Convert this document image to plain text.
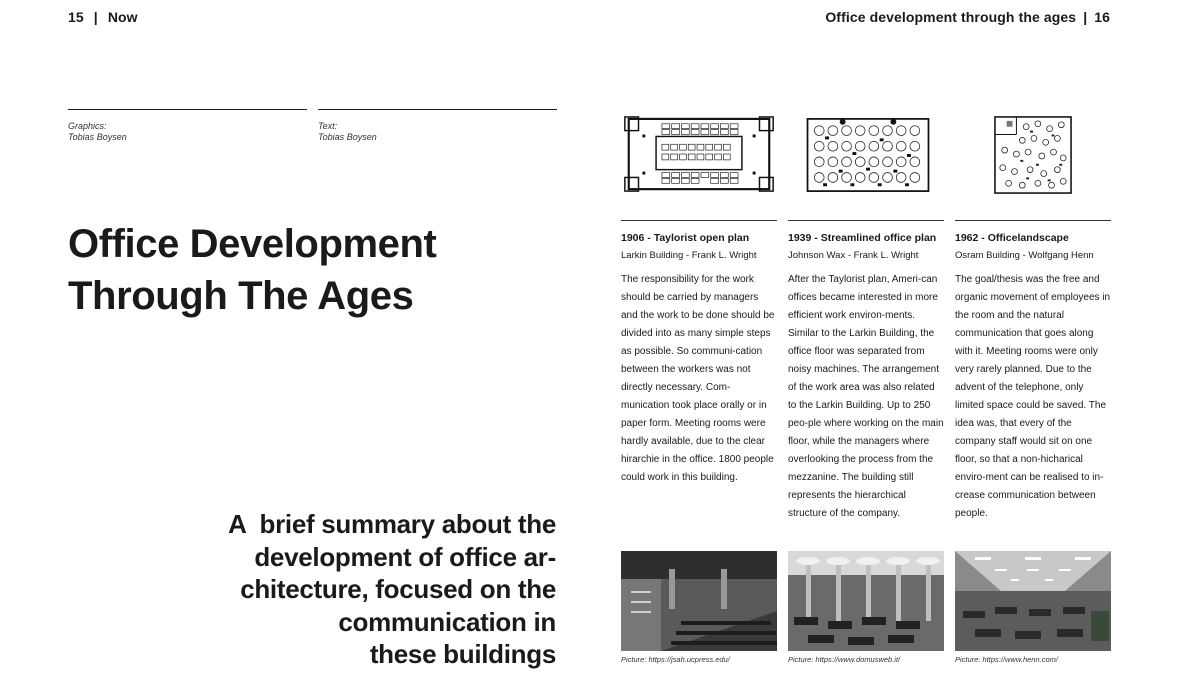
15 | Now	Office development through the ages | 16
Graphics:
Tobias Boysen
Text:
Tobias Boysen
Office Development
Through The Ages
A  brief summary about the
development of office ar-
chitecture, focused on the
communication in
these buildings
1906 - Taylorist open plan
Larkin Building - Frank L. Wright
The responsibility for the work should be carried by managers and the work to be done should be divided into as many simple steps as possible. So communi-cation between the workers was not directly necessary. Com-munication took place orally or in paper form. Meeting rooms were hardly available, due to the clear hirarchie in the office. 1800 people could work in this building.
1939 - Streamlined office plan
Johnson Wax - Frank L. Wright
After the Taylorist plan, Ameri-can offices became interested in more efficient work environ-ments. Similar to the Larkin Building, the office floor was separated from noisy machines. The arrangement of the work area was also related to the Larkin Building. Up to 250 peo-ple where working on the main floor, while the managers where overlooking the process from the mezzanine. The building still represents the hierarchical structure of the company.
1962 - Officelandscape
Osram Building - Wolfgang Henn
The goal/thesis was the free and organic movement of employees in the room and the natural communication that goes along with it. Meeting rooms were only very rarely planned. Due to the advent of the telephone, only limited space could be saved. The idea was, that every of the company staff would sit on one floor, so that a non-hicharical enviro-ment can be realised to in-crease communication between people.
Picture: https://jsah.ucpress.edu/	Picture: https://www.domusweb.it/	Picture: https://www.henn.com/
